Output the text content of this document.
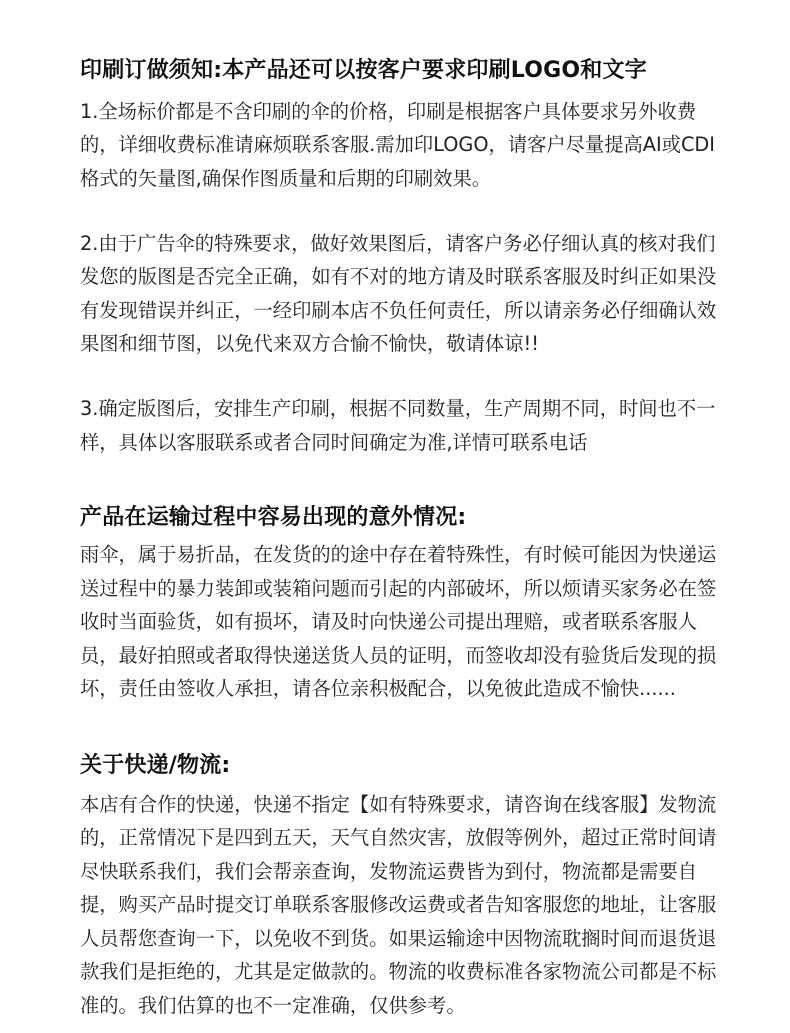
印刷订做须知:本产品还可以按客户要求印刷LOGO和文字
1.全场标价都是不含印刷的伞的价格，印刷是根据客户具体要求另外收费
的，详细收费标准请麻烦联系客服.需加印LOGO，请客户尽量提高AI或CDI
格式的矢量图,确保作图质量和后期的印刷效果。
2.由于广告伞的特殊要求，做好效果图后，请客户务必仔细认真的核对我们
发您的版图是否完全正确，如有不对的地方请及时联系客服及时纠正如果没
有发现错误并纠正，一经印刷本店不负任何责任，所以请亲务必仔细确认效
果图和细节图，以免代来双方合愉不愉快，敬请体谅!!
3.确定版图后，安排生产印刷，根据不同数量，生产周期不同，时间也不一
样，具体以客服联系或者合同时间确定为准,详情可联系电话
产品在运输过程中容易出现的意外情况:
雨伞，属于易折品，在发货的的途中存在着特殊性，有时候可能因为快递运
送过程中的暴力装卸或装箱问题而引起的内部破坏，所以烦请买家务必在签
收时当面验货，如有损坏，请及时向快递公司提出理赔，或者联系客服人
员，最好拍照或者取得快递送货人员的证明，而签收却没有验货后发现的损
坏，责任由签收人承担，请各位亲积极配合，以免彼此造成不愉快......
关于快递/物流:
本店有合作的快递，快递不指定【如有特殊要求，请咨询在线客服】发物流
的，正常情况下是四到五天，天气自然灾害，放假等例外，超过正常时间请
尽快联系我们，我们会帮亲查询，发物流运费皆为到付，物流都是需要自
提，购买产品时提交订单联系客服修改运费或者告知客服您的地址，让客服
人员帮您查询一下，以免收不到货。如果运输途中因物流耽搁时间而退货退
款我们是拒绝的，尤其是定做款的。物流的收费标准各家物流公司都是不标
准的。我们估算的也不一定准确，仅供参考。
